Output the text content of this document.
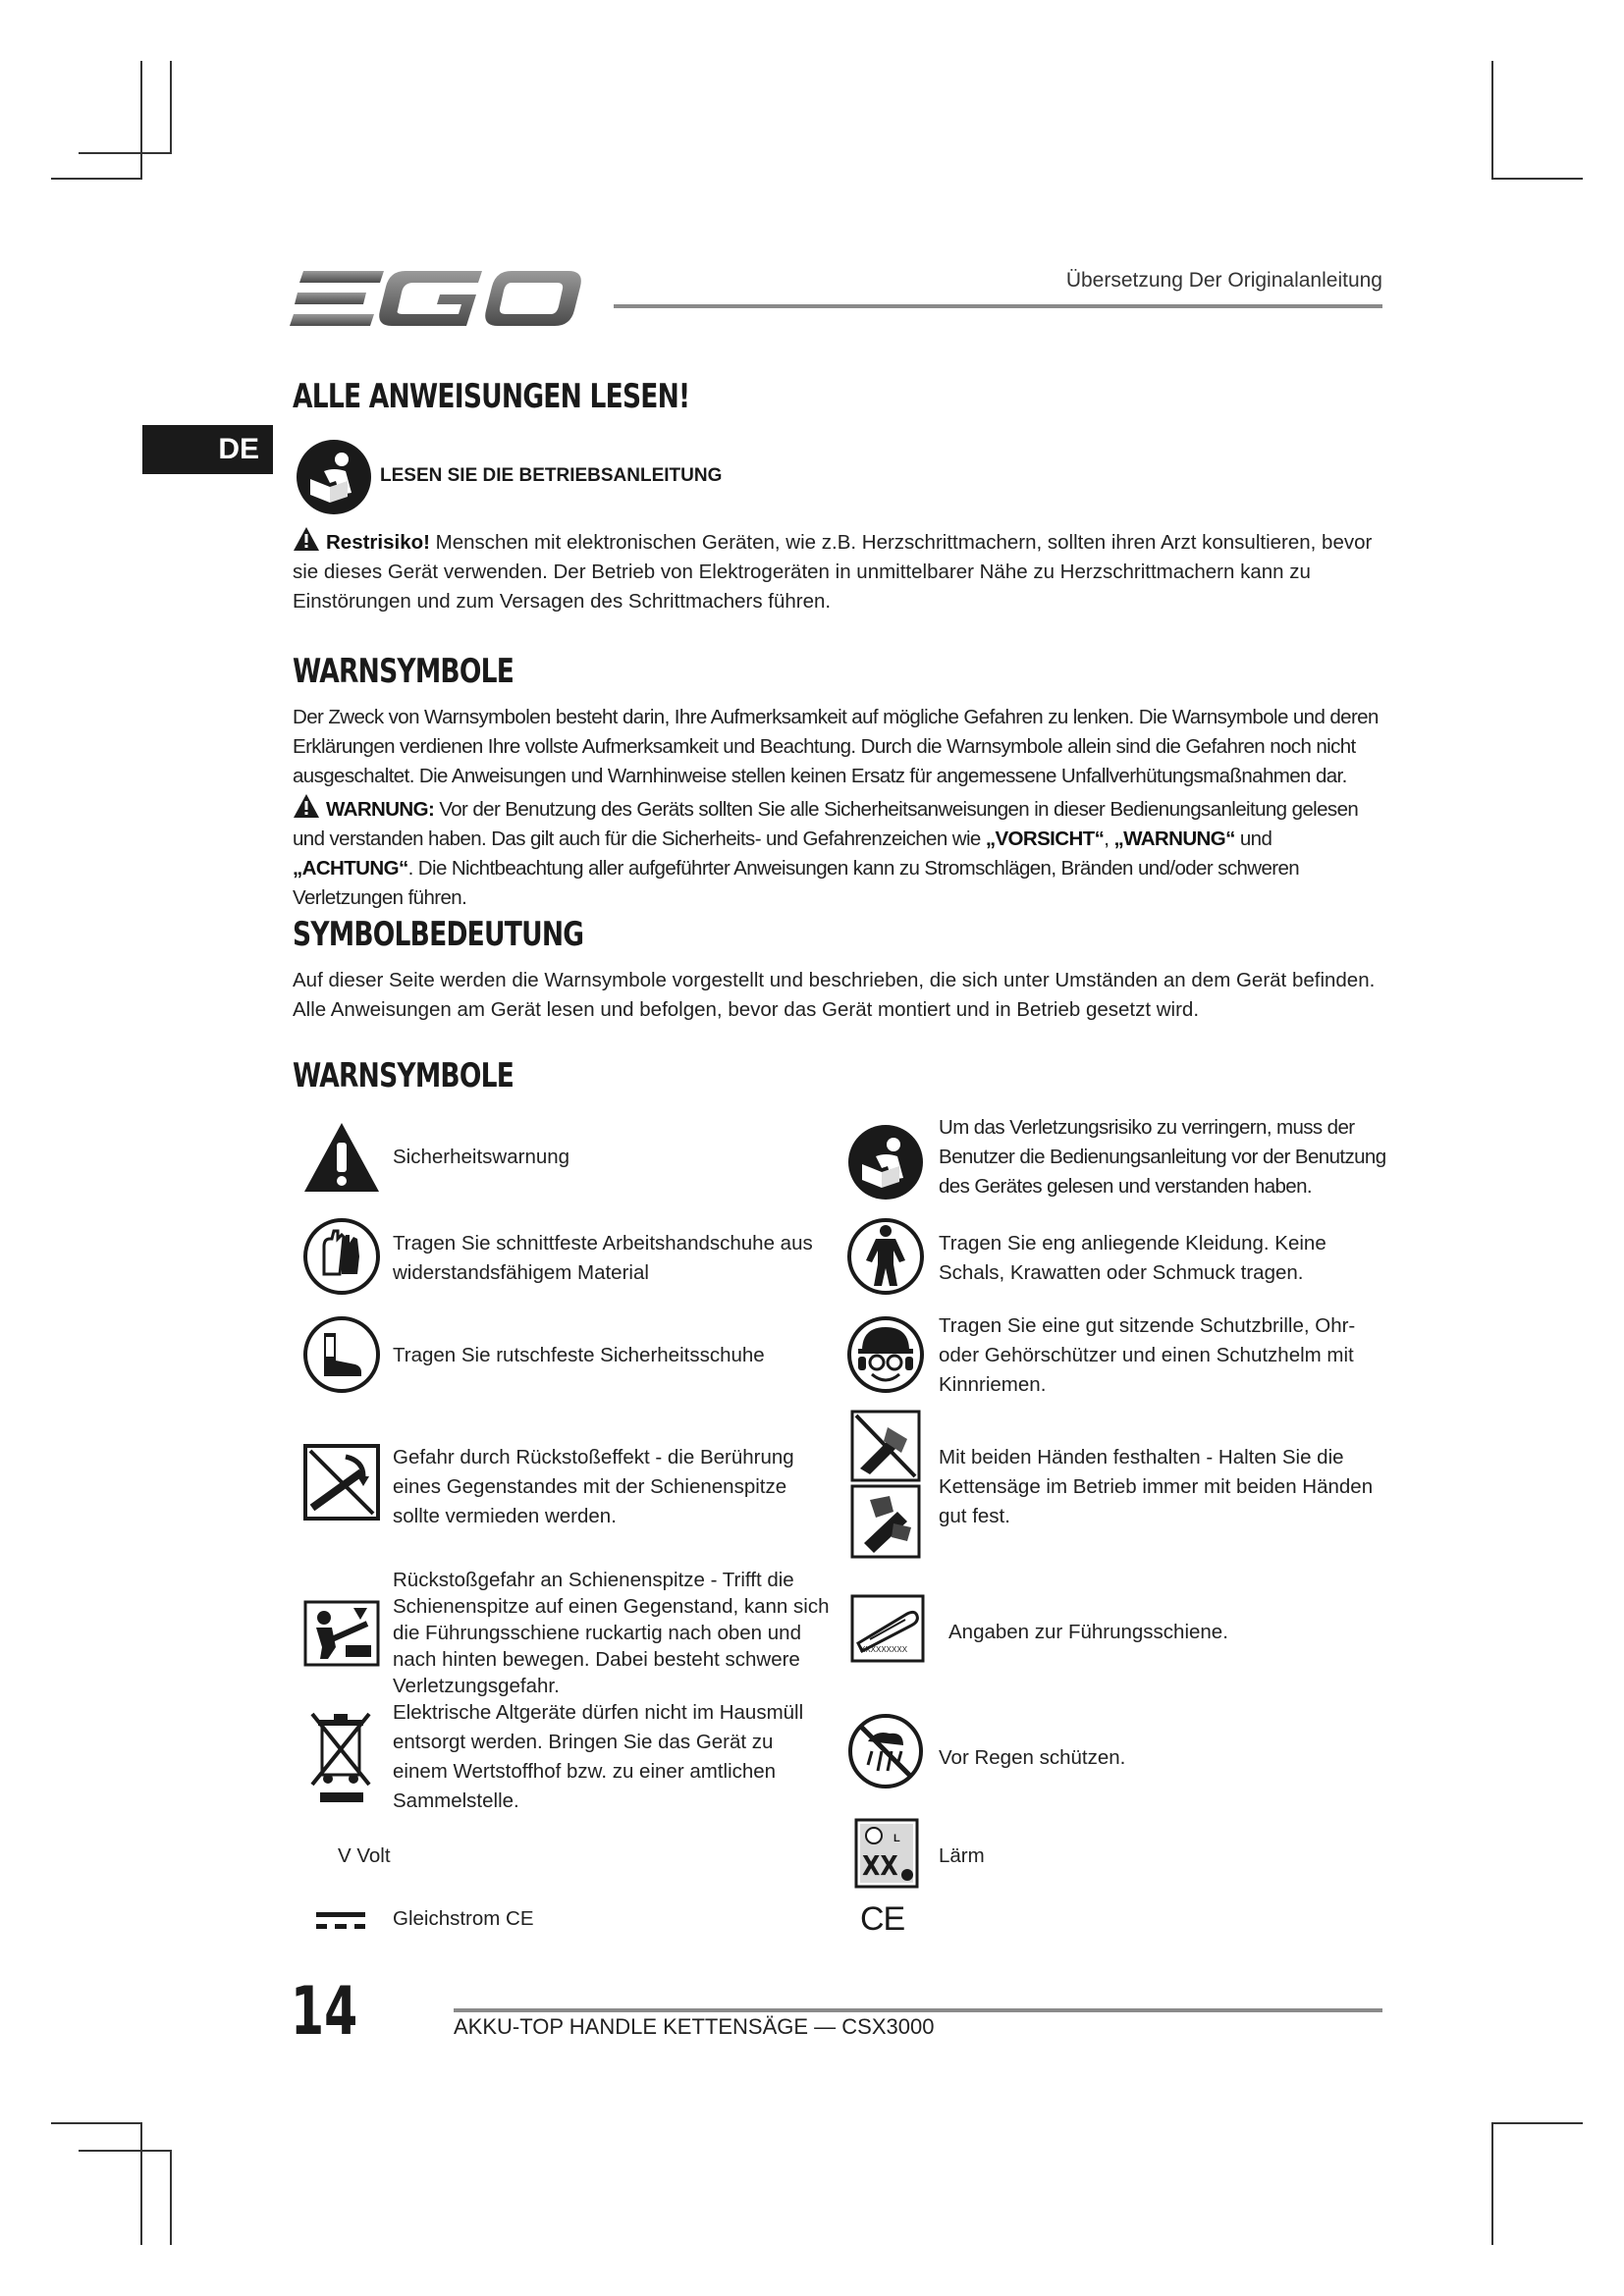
Übersetzung Der Originalanleitung
DE
ALLE ANWEISUNGEN LESEN!
LESEN SIE DIE BETRIEBSANLEITUNG
Restrisiko! Menschen mit elektronischen Geräten, wie z.B. Herzschrittmachern, sollten ihren Arzt konsultieren, bevor sie dieses Gerät verwenden. Der Betrieb von Elektrogeräten in unmittelbarer Nähe zu Herzschrittmachern kann zu Einstörungen und zum Versagen des Schrittmachers führen.
WARNSYMBOLE
Der Zweck von Warnsymbolen besteht darin, Ihre Aufmerksamkeit auf mögliche Gefahren zu lenken. Die Warnsymbole und deren Erklärungen verdienen Ihre vollste Aufmerksamkeit und Beachtung. Durch die Warnsymbole allein sind die Gefahren noch nicht ausgeschaltet. Die Anweisungen und Warnhinweise stellen keinen Ersatz für angemessene Unfallverhütungsmaßnahmen dar.
WARNUNG: Vor der Benutzung des Geräts sollten Sie alle Sicherheitsanweisungen in dieser Bedienungsanleitung gelesen und verstanden haben. Das gilt auch für die Sicherheits- und Gefahrenzeichen wie „VORSICHT“, „WARNUNG“ und „ACHTUNG“. Die Nichtbeachtung aller aufgeführter Anweisungen kann zu Stromschlägen, Bränden und/oder schweren Verletzungen führen.
SYMBOLBEDEUTUNG
Auf dieser Seite werden die Warnsymbole vorgestellt und beschrieben, die sich unter Umständen an dem Gerät befinden. Alle Anweisungen am Gerät lesen und befolgen, bevor das Gerät montiert und in Betrieb gesetzt wird.
WARNSYMBOLE
Sicherheitswarnung
Tragen Sie schnittfeste Arbeitshandschuhe aus widerstandsfähigem Material
Tragen Sie rutschfeste Sicherheitsschuhe
Gefahr durch Rückstoßeffekt - die Berührung eines Gegenstandes mit der Schienenspitze sollte vermieden werden.
Rückstoßgefahr an Schienenspitze - Trifft die Schienenspitze auf einen Gegenstand, kann sich die Führungsschiene ruckartig nach oben und nach hinten bewegen. Dabei besteht schwere Verletzungsgefahr.
Elektrische Altgeräte dürfen nicht im Hausmüll entsorgt werden. Bringen Sie das Gerät zu einem Wertstoffhof bzw. zu einer amtlichen Sammelstelle.
V Volt
Gleichstrom CE
Um das Verletzungsrisiko zu verringern, muss der Benutzer die Bedienungsanleitung vor der Benutzung des Gerätes gelesen und verstanden haben.
Tragen Sie eng anliegende Kleidung. Keine Schals, Krawatten oder Schmuck tragen.
Tragen Sie eine gut sitzende Schutzbrille, Ohr- oder Gehörschützer und einen Schutzhelm mit Kinnriemen.
Mit beiden Händen festhalten - Halten Sie die Kettensäge im Betrieb immer mit beiden Händen gut fest.
XXXXXXXXX
Angaben zur Führungsschiene.
Vor Regen schützen.
L
XX Lärm
CE
14	AKKU-TOP HANDLE KETTENSÄGE — CSX3000
